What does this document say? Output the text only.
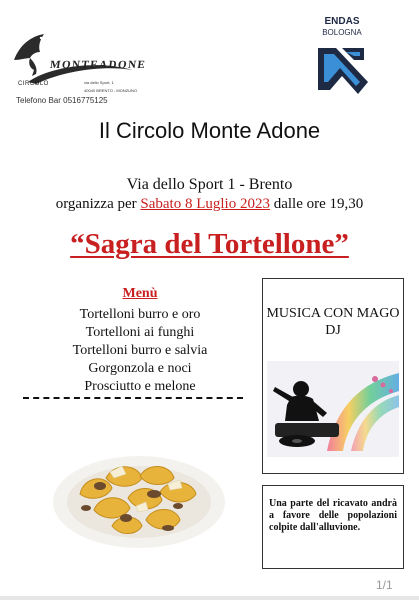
CIRCOLO
MONTEADONE
via dello Sport, 1
40040 BRENTO - MONZUNO
Telefono Bar 0516775125
ENDAS
BOLOGNA
Il Circolo Monte Adone
Via dello Sport 1 - Brento
organizza per Sabato 8 Luglio 2023 dalle ore 19,30
“Sagra del Tortellone”
Menù
Tortelloni burro e oro
Tortelloni ai funghi
Tortelloni burro e salvia
Gorgonzola e noci
Prosciutto e melone
MUSICA CON MAGO DJ
Una parte del ricavato andrà a favore delle popolazioni colpite dall'alluvione.
1/1
